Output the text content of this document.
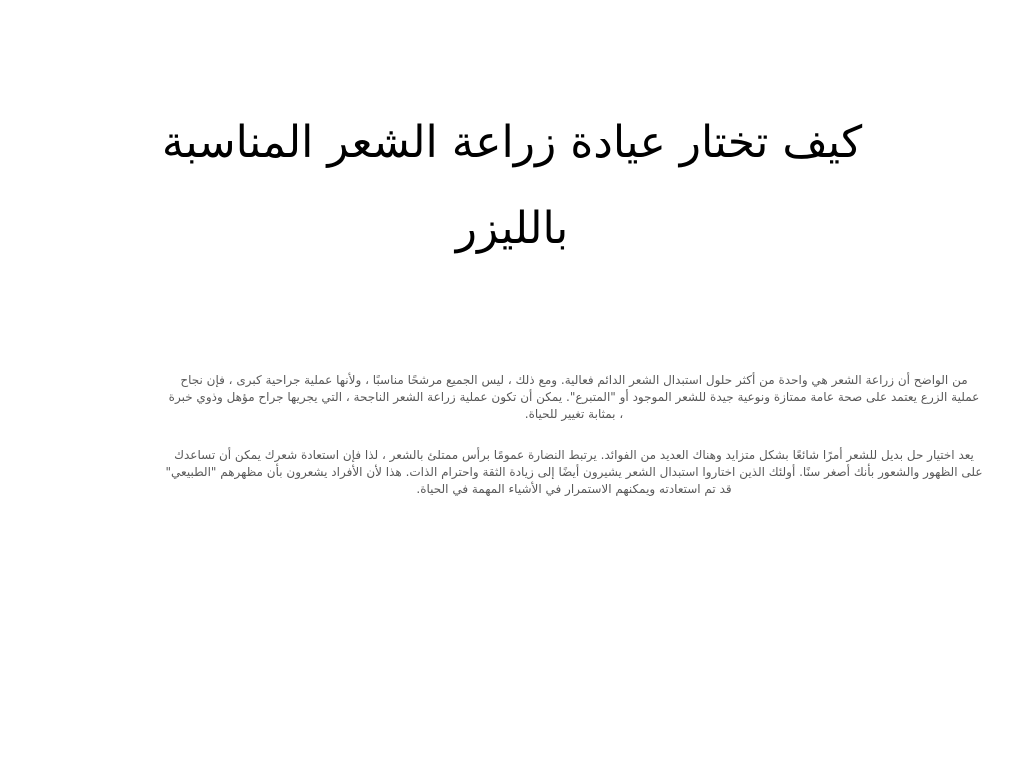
كيف تختار عيادة زراعة الشعر المناسبة بالليزر

من الواضح أن زراعة الشعر هي واحدة من أكثر حلول استبدال الشعر الدائم فعالية. ومع ذلك ، ليس الجميع مرشحًا مناسبًا ، ولأنها عملية جراحية كبرى ، فإن نجاح عملية الزرع يعتمد على صحة عامة ممتازة ونوعية جيدة للشعر الموجود أو "المتبرع". يمكن أن تكون عملية زراعة الشعر الناجحة ، التي يجريها جراح مؤهل وذوي خبرة ، بمثابة تغيير للحياة.

يعد اختيار حل بديل للشعر أمرًا شائعًا بشكل متزايد وهناك العديد من الفوائد. يرتبط النضارة عمومًا برأس ممتلئ بالشعر ، لذا فإن استعادة شعرك يمكن أن تساعدك على الظهور والشعور بأنك أصغر سنًا. أولئك الذين اختاروا استبدال الشعر يشيرون أيضًا إلى زيادة الثقة واحترام الذات. هذا لأن الأفراد يشعرون بأن مظهرهم "الطبيعي" قد تم استعادته ويمكنهم الاستمرار في الأشياء المهمة في الحياة.
